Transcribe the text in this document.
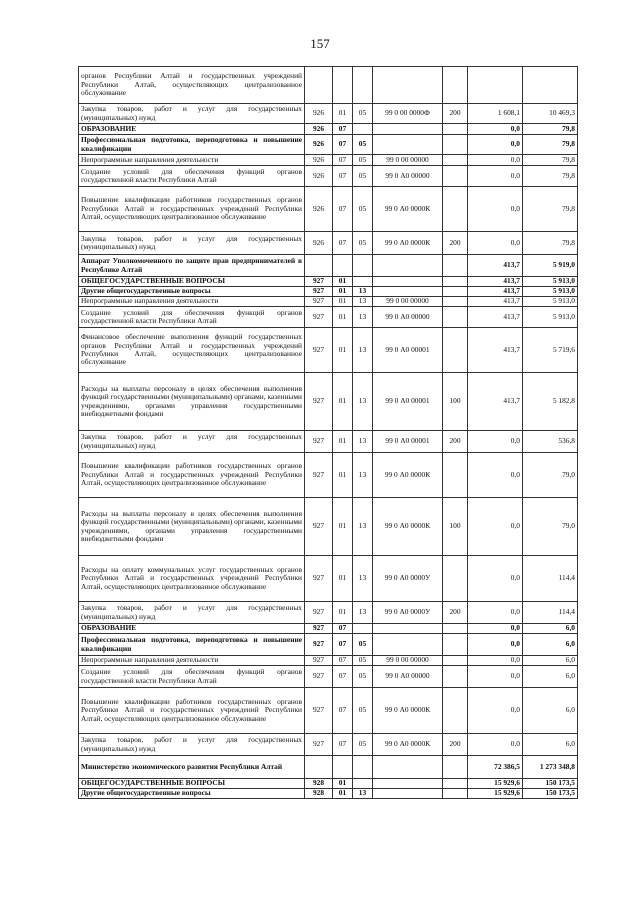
157
органов Республики Алтай и государственных учреждений Республики Алтай, осуществляющих централизованное обслуживание							
Закупка товаров, работ и услуг для государственных (муниципальных) нужд	926	01	05	99 0 00 0000Ф	200	1 608,1	10 469,3
ОБРАЗОВАНИЕ	926	07				0,0	79,8
Профессиональная подготовка, переподготовка и повышение квалификации	926	07	05			0,0	79,8
Непрограммные направления деятельности	926	07	05	99 0 00 00000		0,0	79,8
Создание условий для обеспечения функций органов государственной власти Республики Алтай	926	07	05	99 0 А0 00000		0,0	79,8
Повышение квалификации работников государственных органов Республики Алтай и государственных учреждений Республики Алтай, осуществляющих централизованное обслуживание	926	07	05	99 0 А0 0000К		0,0	79,8
Закупка товаров, работ и услуг для государственных (муниципальных) нужд	926	07	05	99 0 А0 0000К	200	0,0	79,8
Аппарат Уполномоченного по защите прав предпринимателей в Республике Алтай						413,7	5 919,0
ОБЩЕГОСУДАРСТВЕННЫЕ ВОПРОСЫ	927	01				413,7	5 913,0
Другие общегосударственные вопросы	927	01	13			413,7	5 913,0
Непрограммные направления деятельности	927	01	13	99 0 00 00000		413,7	5 913,0
Создание условий для обеспечения функций органов государственной власти Республики Алтай	927	01	13	99 0 А0 00000		413,7	5 913,0
Финансовое обеспечение выполнения функций государственных органов Республики Алтай и государственных учреждений Республики Алтай, осуществляющих централизованное обслуживание	927	01	13	99 0 А0 00001		413,7	5 719,6
Расходы на выплаты персоналу в целях обеспечения выполнения функций государственными (муниципальными) органами, казенными учреждениями, органами управления государственными внебюджетными фондами	927	01	13	99 0 А0 00001	100	413,7	5 182,8
Закупка товаров, работ и услуг для государственных (муниципальных) нужд	927	01	13	99 0 А0 00001	200	0,0	536,8
Повышение квалификации работников государственных органов Республики Алтай и государственных учреждений Республики Алтай, осуществляющих централизованное обслуживание	927	01	13	99 0 А0 0000К		0,0	79,0
Расходы на выплаты персоналу в целях обеспечения выполнения функций государственными (муниципальными) органами, казенными учреждениями, органами управления государственными внебюджетными фондами	927	01	13	99 0 А0 0000К	100	0,0	79,0
Расходы на оплату коммунальных услуг государственных органов Республики Алтай и государственных учреждений Республики Алтай, осуществляющих централизованное обслуживание	927	01	13	99 0 А0 0000У		0,0	114,4
Закупка товаров, работ и услуг для государственных (муниципальных) нужд	927	01	13	99 0 А0 0000У	200	0,0	114,4
ОБРАЗОВАНИЕ	927	07				0,0	6,0
Профессиональная подготовка, переподготовка и повышение квалификации	927	07	05			0,0	6,0
Непрограммные направления деятельности	927	07	05	99 0 00 00000		0,0	6,0
Создание условий для обеспечения функций органов государственной власти Республики Алтай	927	07	05	99 0 А0 00000		0,0	6,0
Повышение квалификации работников государственных органов Республики Алтай и государственных учреждений Республики Алтай, осуществляющих централизованное обслуживание	927	07	05	99 0 А0 0000К		0,0	6,0
Закупка товаров, работ и услуг для государственных (муниципальных) нужд	927	07	05	99 0 А0 0000К	200	0,0	6,0
Министерство экономического развития Республики Алтай						72 386,5	1 273 348,8
ОБЩЕГОСУДАРСТВЕННЫЕ ВОПРОСЫ	928	01				15 929,6	150 173,5
Другие общегосударственные вопросы	928	01	13			15 929,6	150 173,5
